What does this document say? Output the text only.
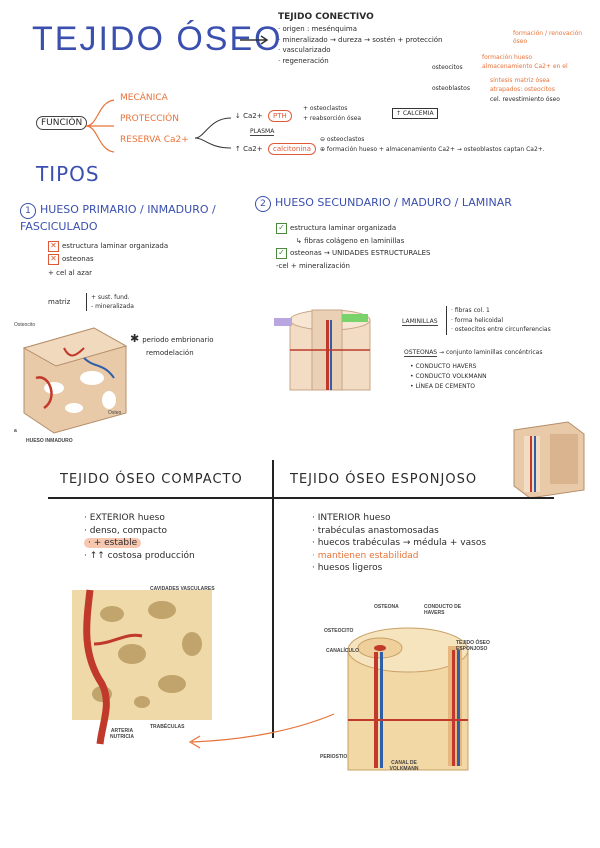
TEJIDO ÓSEO
TEJIDO CONECTIVO
· origen : mesénquima
· mineralizado → dureza → sostén + protección
· vascularizado
· regeneración
osteocitos
formación / renovación óseo
formación hueso
almacenamiento Ca2+ en el
osteoblastos
síntesis matriz ósea
atrapados: osteocitos
cel. revestimiento óseo
FUNCIÓN
MECÁNICA
PROTECCIÓN
RESERVA Ca2+
↓ Ca2+	PTH
+ osteoclastos
+ reabsorción ósea
↑ CALCEMIA
PLASMA
↑ Ca2+	calcitonina
⊖ osteoclastos
⊕ formación hueso + almacenamiento Ca2+ → osteoblastos captan Ca2+.
TIPOS
1 HUESO PRIMARIO / INMADURO / FASCICULADO
✕ estructura laminar organizada
✕ osteonas
+ cel al azar
matriz
+ sust. fund.
- mineralizada
Osteocito
Osteo
a
HUESO INMADURO
✱ periodo embrionario
remodelación
2 HUESO SECUNDARIO / MADURO / LAMINAR
✓ estructura laminar organizada
↳ fibras colágeno en laminillas
✓ osteonas → UNIDADES ESTRUCTURALES
-cel + mineralización
LAMINILLAS
· fibras col. 1
· forma helicoidal
· osteocitos entre circunferencias
OSTEONAS → conjunto laminillas concéntricas
• CONDUCTO HAVERS
• CONDUCTO VOLKMANN
• LÍNEA DE CEMENTO
TEJIDO ÓSEO COMPACTO
· EXTERIOR hueso
· denso, compacto
· + estable
· ↑↑ costosa producción
CAVIDADES VASCULARES
ARTERIA NUTRICIA
TRABÉCULAS
TEJIDO ÓSEO ESPONJOSO
· INTERIOR hueso
· trabéculas anastomosadas
· huecos trabéculas → médula + vasos
· mantienen estabilidad
· huesos ligeros
OSTEONA	CONDUCTO DE HAVERS
OSTEOCITO
CANALÍCULO
TEJIDO ÓSEO ESPONJOSO
PERIOSTIO
CANAL DE VOLKMANN
